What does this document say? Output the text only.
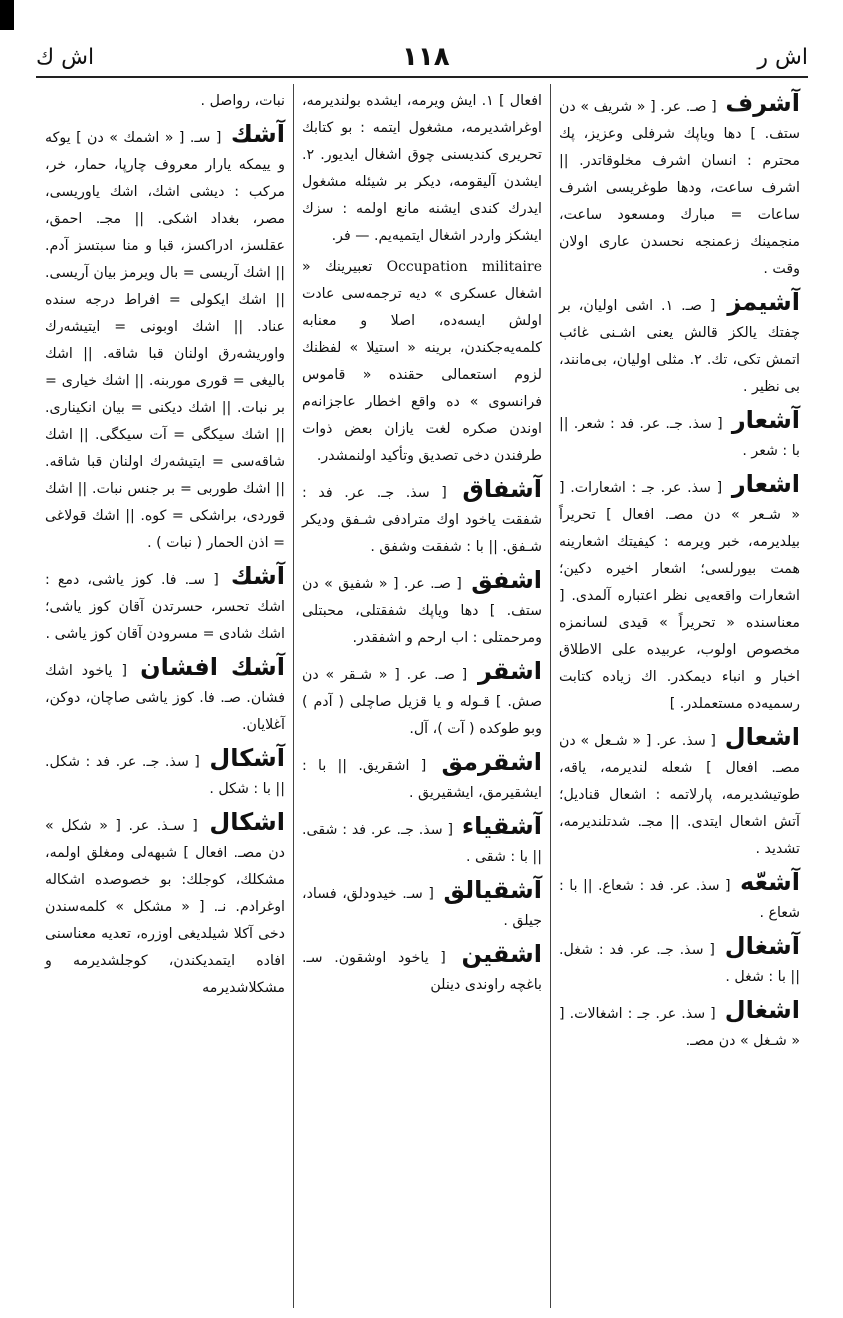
اش ر
۱۱۸
اش ك

آشرف [ صـ. عر. [ « شریف » دن ستف. ] دها ویاپك شرفلی وعزیز، پك محترم : انسان اشرف مخلوقاتدر. || اشرف ساعت، ودها طوغریسی اشرف ساعات = مبارك ومسعود ساعت، منجمینك زعمنجه نحسدن عاری اولان وقت .

آشیمز [ صـ. ۱. اشی اولیان، بر چفتك یالکز قالش یعنی اشـنی غائب اتمش تکی، تك. ۲. مثلی اولیان، بی‌مانند، بی نظیر .

آشعار [ سذ. جـ. عر. فد : شعر. || با : شعر .

اشعار [ سذ. عر. جـ : اشعارات. [ « شـعر » دن مصـ. افعال ] تحریراً بیلدیرمه، خبر ویرمه : کیفیتك اشعارینه همت بیورلسی؛ اشعار اخیره دکین؛ اشعارات واقعه‌یی نظر اعتباره آلمدی. [ معناسنده « تحریراً » قیدی لسانمزه مخصوص اولوب، عربیده علی الاطلاق اخبار و انباء دیمکدر. اك زیاده کتابت رسمیه‌ده مستعملدر. ]

اشعال [ سذ. عر. [ « شـعل » دن مصـ. افعال ] شعله لندیرمه، یاقه، طوتیشدیرمه، پارلاتمه : اشعال قنادیل؛ آتش اشعال ایتدی. || مجـ. شدتلندیرمه، تشدید .

آشعّه [ سذ. عر. فد : شعاع. || با : شعاع .

آشغال [ سذ. جـ. عر. فد : شغل. || با : شغل .

اشغال [ سذ. عر. جـ : اشغالات. [ « شـغل » دن مصـ.

افعال ] ۱. ایش ویرمه، ایشده بولندیرمه، اوغراشدیرمه، مشغول ایتمه : بو کتابك تحریری کندیسنی چوق اشغال ایدیور. ۲. ایشدن آلیقومه، دیکر بر شیئله مشغول ایدرك کندی ایشنه مانع اولمه : سزك ایشکز واردر اشغال ایتمیه‌یم. — فر.

Occupation militaire تعبیرینك « اشغال عسکری » دیه ترجمه‌سی عادت اولش ایسه‌ده، اصلا و معنابه کلمه‌یه‌جکندن، برینه « استیلا » لفظنك لزوم استعمالی حقنده « قاموس فرانسوی » ده واقع اخطار عاجزانه‌م اوندن صکره لغت یازان بعض ذوات طرفندن دخی تصدیق وتأکید اولنمشدر.

آشفاق [ سذ. جـ. عر. فد : شفقت یاخود اوك مترادفی شـفق ودیکر شـفق. || با : شفقت وشفق .

اشفق [ صـ. عر. [ « شفیق » دن ستف. ] دها ویاپك شفقتلی، محبتلی ومرحمتلی : اب ارحم و اشفقدر.

اشقر [ صـ. عر. [ « شـقر » دن صش. ] قـوله و یا قزیل صاچلی ( آدم ) وبو طوکده ( آت )، آل.

اشقرمق [ اشقریق. || با : ایشقیرمق، ایشقیریق .

آشقیاء [ سذ. جـ. عر. فد : شقی. || با : شقی .

آشقیالق [ سـ. خیدودلق، فساد، جیلق .

اشقین [ یاخود اوشقون. سـ. باغچه راوندی دینلن

نبات، رواصل .

آشك [ سـ. [ « اشمك » دن ] یوکه و ییمکه یارار معروف چارپا، حمار، خر، مرکب : دیشی اشك، اشك یاوریسی، مصر، بغداد اشکی. || مجـ. احمق، عقلسز، ادراکسز، قبا و منا سبتسز آدم. || اشك آریسی = بال ویرمز بیان آریسی. || اشك ایکولی = افراط درجه سنده عناد. || اشك اوبونی = ایتیشه‌رك واوریشه‌رق اولنان قبا شاقه. || اشك بالیغی = قوری موربنه. || اشك خیاری = بر نبات. || اشك دیکنی = بیان انکیناری. || اشك سیکگی = آت سیکگی. || اشك شاقه‌سی = ایتیشه‌رك اولنان قبا شاقه. || اشك طوربی = بر جنس نبات. || اشك قوردی، براشکی = کوه. || اشك قولاغی = اذن الحمار ( نبات ) .

آشك [ سـ. فا. کوز یاشی، دمع : اشك تحسر، حسرتدن آقان کوز یاشی؛ اشك شادی = مسرودن آقان کوز یاشی .

آشك افشان [ یاخود اشك فشان. صـ. فا. کوز یاشی صاچان، دوکن، آغلایان.

آشکال [ سذ. جـ. عر. فد : شکل. || با : شکل .

اشکال [ سـذ. عر. [ « شکل » دن مصـ. افعال ] شبهه‌لی ومغلق اولمه، مشکلك، کوجلك: بو خصوصده اشکاله اوغرادم. نـ. [ « مشکل » کلمه‌سندن دخی آکلا شیلدیغی اوزره، تعدیه معناسنی افاده ایتمدیکندن، کوجلشدیرمه و مشکلاشدیرمه
